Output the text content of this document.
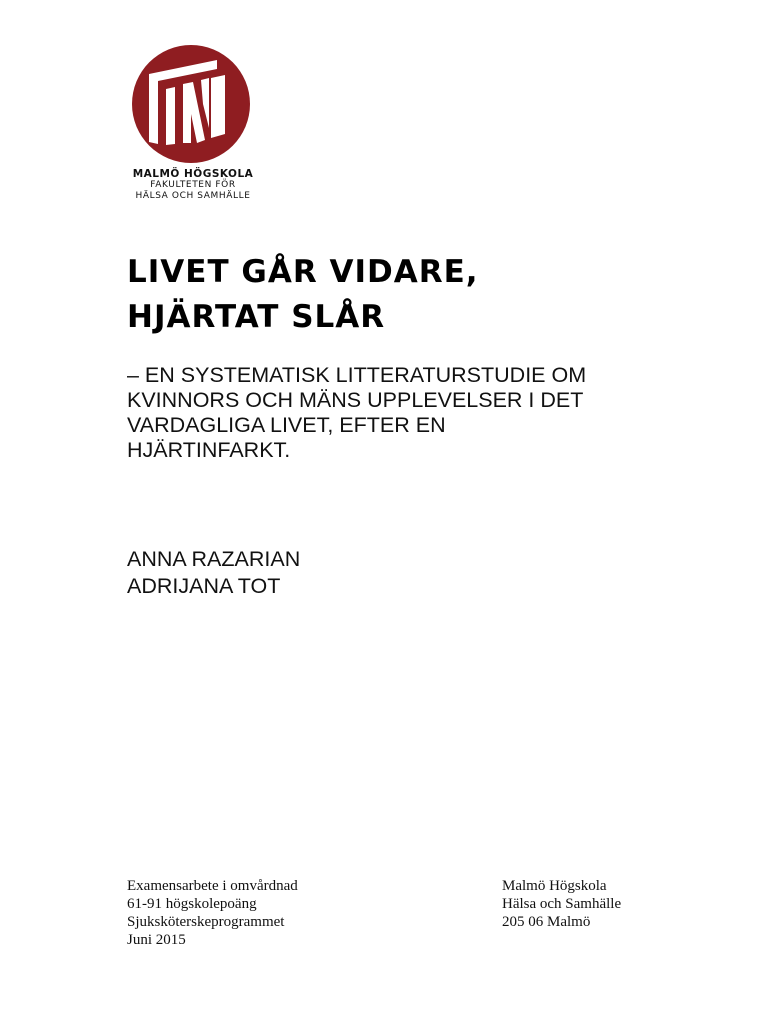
MALMÖ HÖGSKOLA
FAKULTETEN FÖR
HÄLSA OCH SAMHÄLLE
LIVET GÅR VIDARE,
HJÄRTAT SLÅR
– EN SYSTEMATISK LITTERATURSTUDIE OM
KVINNORS OCH MÄNS UPPLEVELSER I DET
VARDAGLIGA LIVET, EFTER EN
HJÄRTINFARKT.
ANNA RAZARIAN
ADRIJANA TOT
Examensarbete i omvårdnad
61-91 högskolepoäng
Sjuksköterskeprogrammet
Juni 2015
Malmö Högskola
Hälsa och Samhälle
205 06 Malmö
